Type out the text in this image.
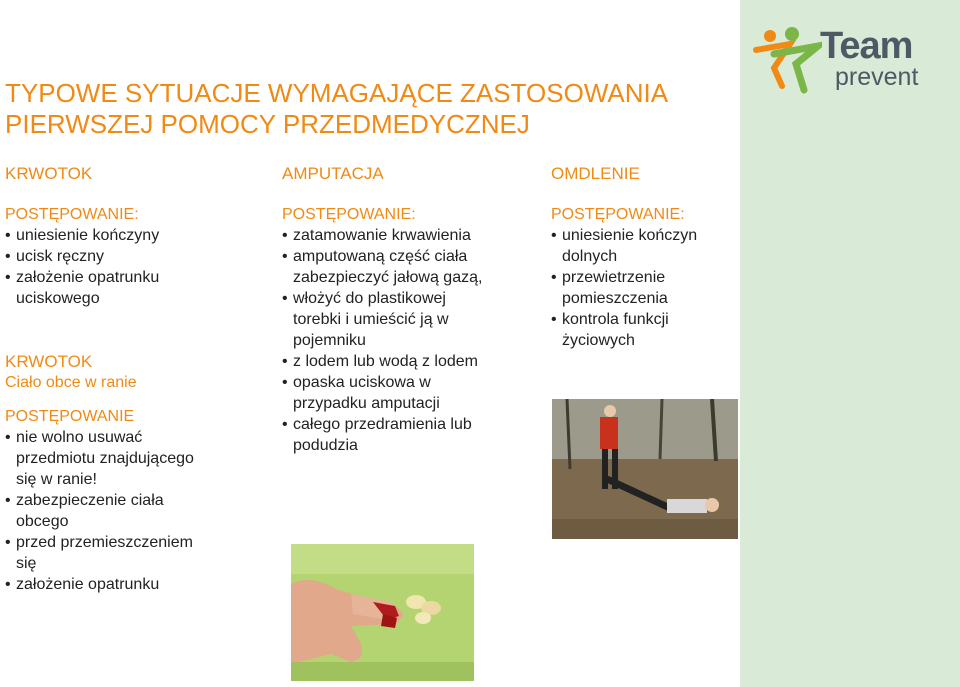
Team
prevent
TYPOWE SYTUACJE WYMAGAJĄCE ZASTOSOWANIA
PIERWSZEJ POMOCY PRZEDMEDYCZNEJ
KRWOTOK
POSTĘPOWANIE:
• uniesienie kończyny
• ucisk ręczny
• założenie opatrunku uciskowego
KRWOTOK
Ciało obce w ranie
POSTĘPOWANIE
• nie wolno usuwać przedmiotu znajdującego się w ranie!
• zabezpieczenie ciała obcego
• przed przemieszczeniem się
• założenie opatrunku
AMPUTACJA
POSTĘPOWANIE:
• zatamowanie krwawienia
• amputowaną część ciała zabezpieczyć jałową gazą,
• włożyć do plastikowej torebki i umieścić ją w pojemniku
• z lodem lub wodą z lodem
• opaska uciskowa w przypadku amputacji
• całego przedramienia lub podudzia
OMDLENIE
POSTĘPOWANIE:
• uniesienie kończyn dolnych
• przewietrzenie pomieszczenia
• kontrola funkcji życiowych
